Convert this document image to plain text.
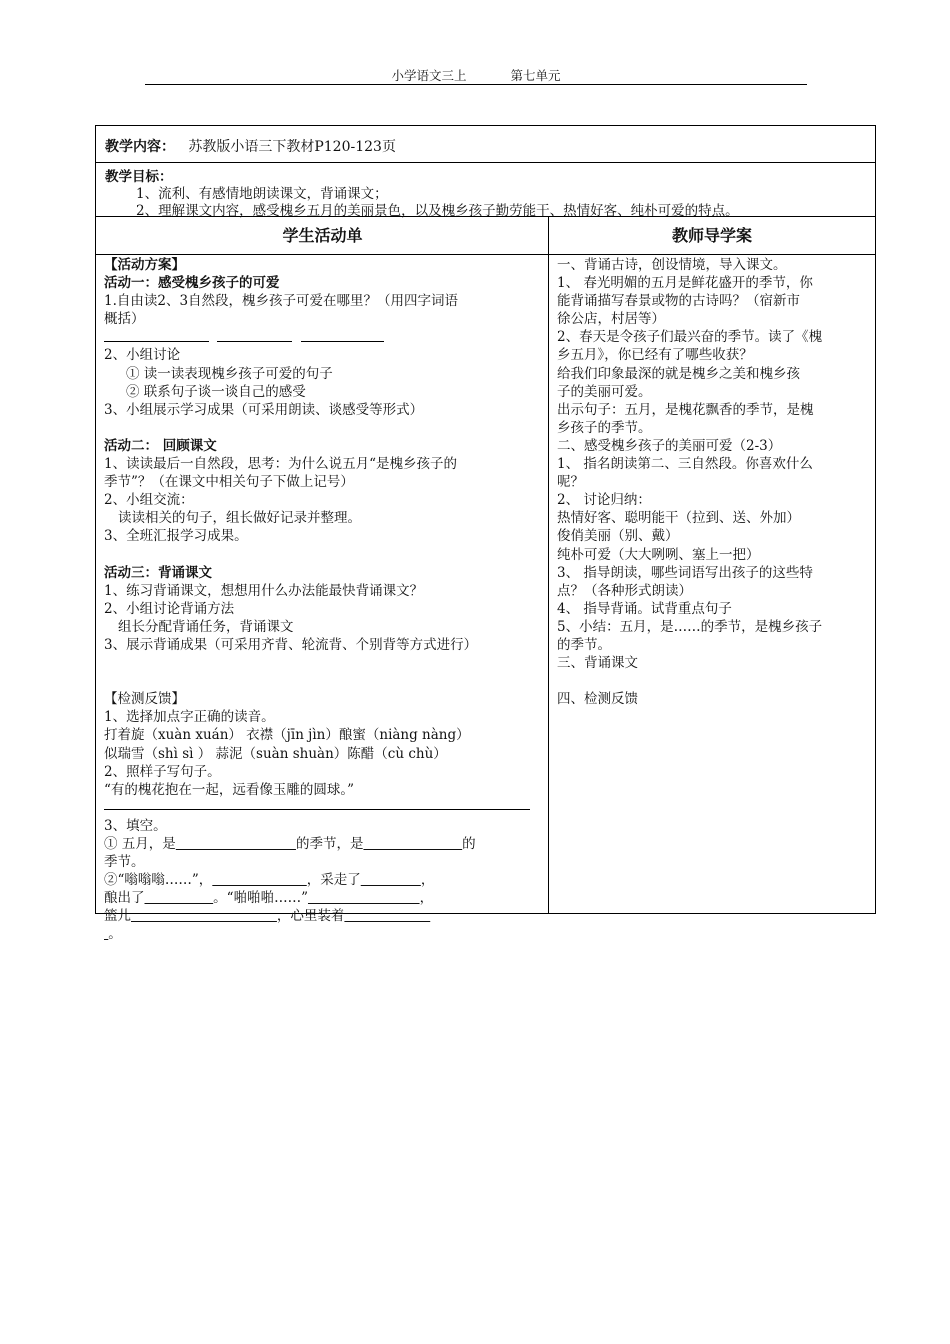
小学语文三上	第七单元
教学内容： 苏教版小语三下教材P120-123页
教学目标：
1、流利、有感情地朗读课文，背诵课文；
2、理解课文内容，感受槐乡五月的美丽景色，以及槐乡孩子勤劳能干、热情好客、纯朴可爱的特点。
学生活动单	教师导学案
【活动方案】
活动一：感受槐乡孩子的可爱
1.自由读2、3自然段，槐乡孩子可爱在哪里？（用四字词语
概括）
2、小组讨论
① 读一读表现槐乡孩子可爱的句子
② 联系句子谈一谈自己的感受
3、小组展示学习成果（可采用朗读、谈感受等形式）
活动二： 回顾课文
1、读读最后一自然段，思考：为什么说五月“是槐乡孩子的
季节”？（在课文中相关句子下做上记号）
2、小组交流：
读读相关的句子，组长做好记录并整理。
3、全班汇报学习成果。
活动三：背诵课文
1、练习背诵课文，想想用什么办法能最快背诵课文？
2、小组讨论背诵方法
组长分配背诵任务，背诵课文
3、展示背诵成果（可采用齐背、轮流背、个别背等方式进行）
【检测反馈】
1、选择加点字正确的读音。
打着旋（xuàn xuán） 衣襟（jīn jìn）酿蜜（niàng nàng）
似瑞雪（shì sì ） 蒜泥（suàn shuàn）陈醋（cù chù）
2、照样子写句子。
“有的槐花抱在一起，远看像玉雕的圆球。”
3、填空。
① 五月，是	的季节，是	的
季节。
②“嗡嗡嗡……”，	，采走了	，
酿出了	。“啪啪啪……”	，
篮儿	，心里装着
。
一、背诵古诗，创设情境，导入课文。
1、 春光明媚的五月是鲜花盛开的季节，你
能背诵描写春景或物的古诗吗？（宿新市
徐公店，村居等）
2、春天是令孩子们最兴奋的季节。读了《槐
乡五月》，你已经有了哪些收获？
给我们印象最深的就是槐乡之美和槐乡孩
子的美丽可爱。
出示句子：五月，是槐花飘香的季节，是槐
乡孩子的季节。
二、感受槐乡孩子的美丽可爱（2-3）
1、 指名朗读第二、三自然段。你喜欢什么
呢？
2、 讨论归纳：
热情好客、聪明能干（拉到、送、外加）
俊俏美丽（别、戴）
纯朴可爱（大大咧咧、塞上一把）
3、 指导朗读，哪些词语写出孩子的这些特
点？（各种形式朗读）
4、 指导背诵。试背重点句子
5、小结：五月，是……的季节，是槐乡孩子
的季节。
三、背诵课文
四、检测反馈
